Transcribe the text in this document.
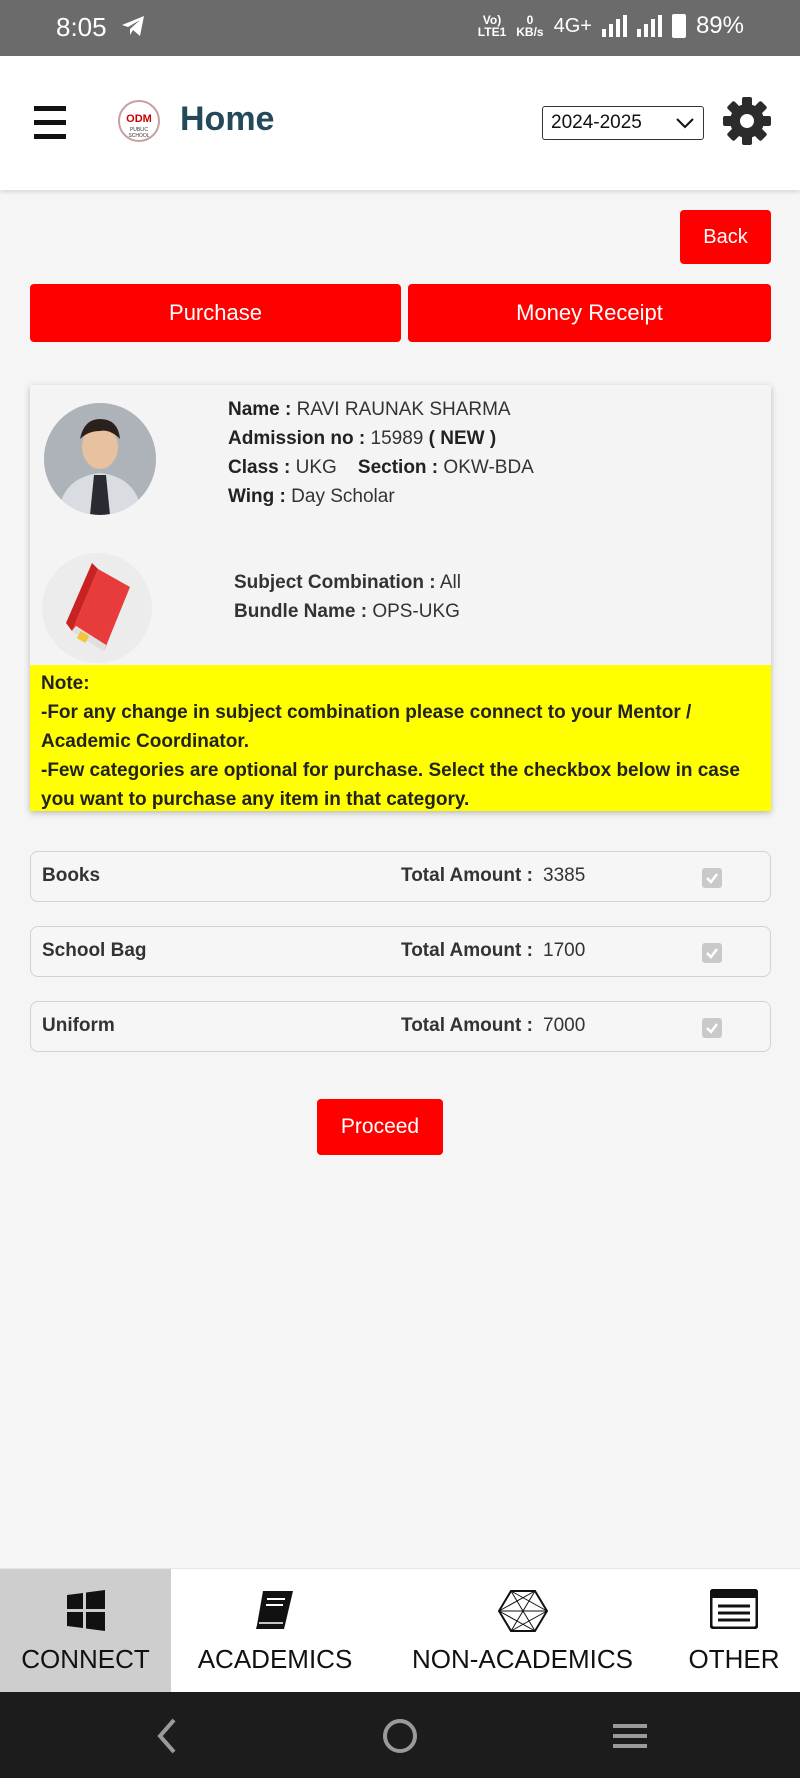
8:05	Vo)
LTE1
0
KB/s 4G+	89%
ODM
PUBLIC SCHOOL Home	2024-2025
Back
Purchase	Money Receipt
Name : RAVI RAUNAK SHARMA
Admission no : 15989 ( NEW )
Class : UKG Section : OKW-BDA
Wing : Day Scholar
Subject Combination : All
Bundle Name : OPS-UKG
Note:
-For any change in subject combination please connect to your Mentor / Academic Coordinator.
-Few categories are optional for purchase. Select the checkbox below in case you want to purchase any item in that category.
Books	Total Amount : 3385
School Bag	Total Amount : 1700
Uniform	Total Amount : 7000
Proceed
CONNECT	ACADEMICS NON-ACADEMICS	OTHER
